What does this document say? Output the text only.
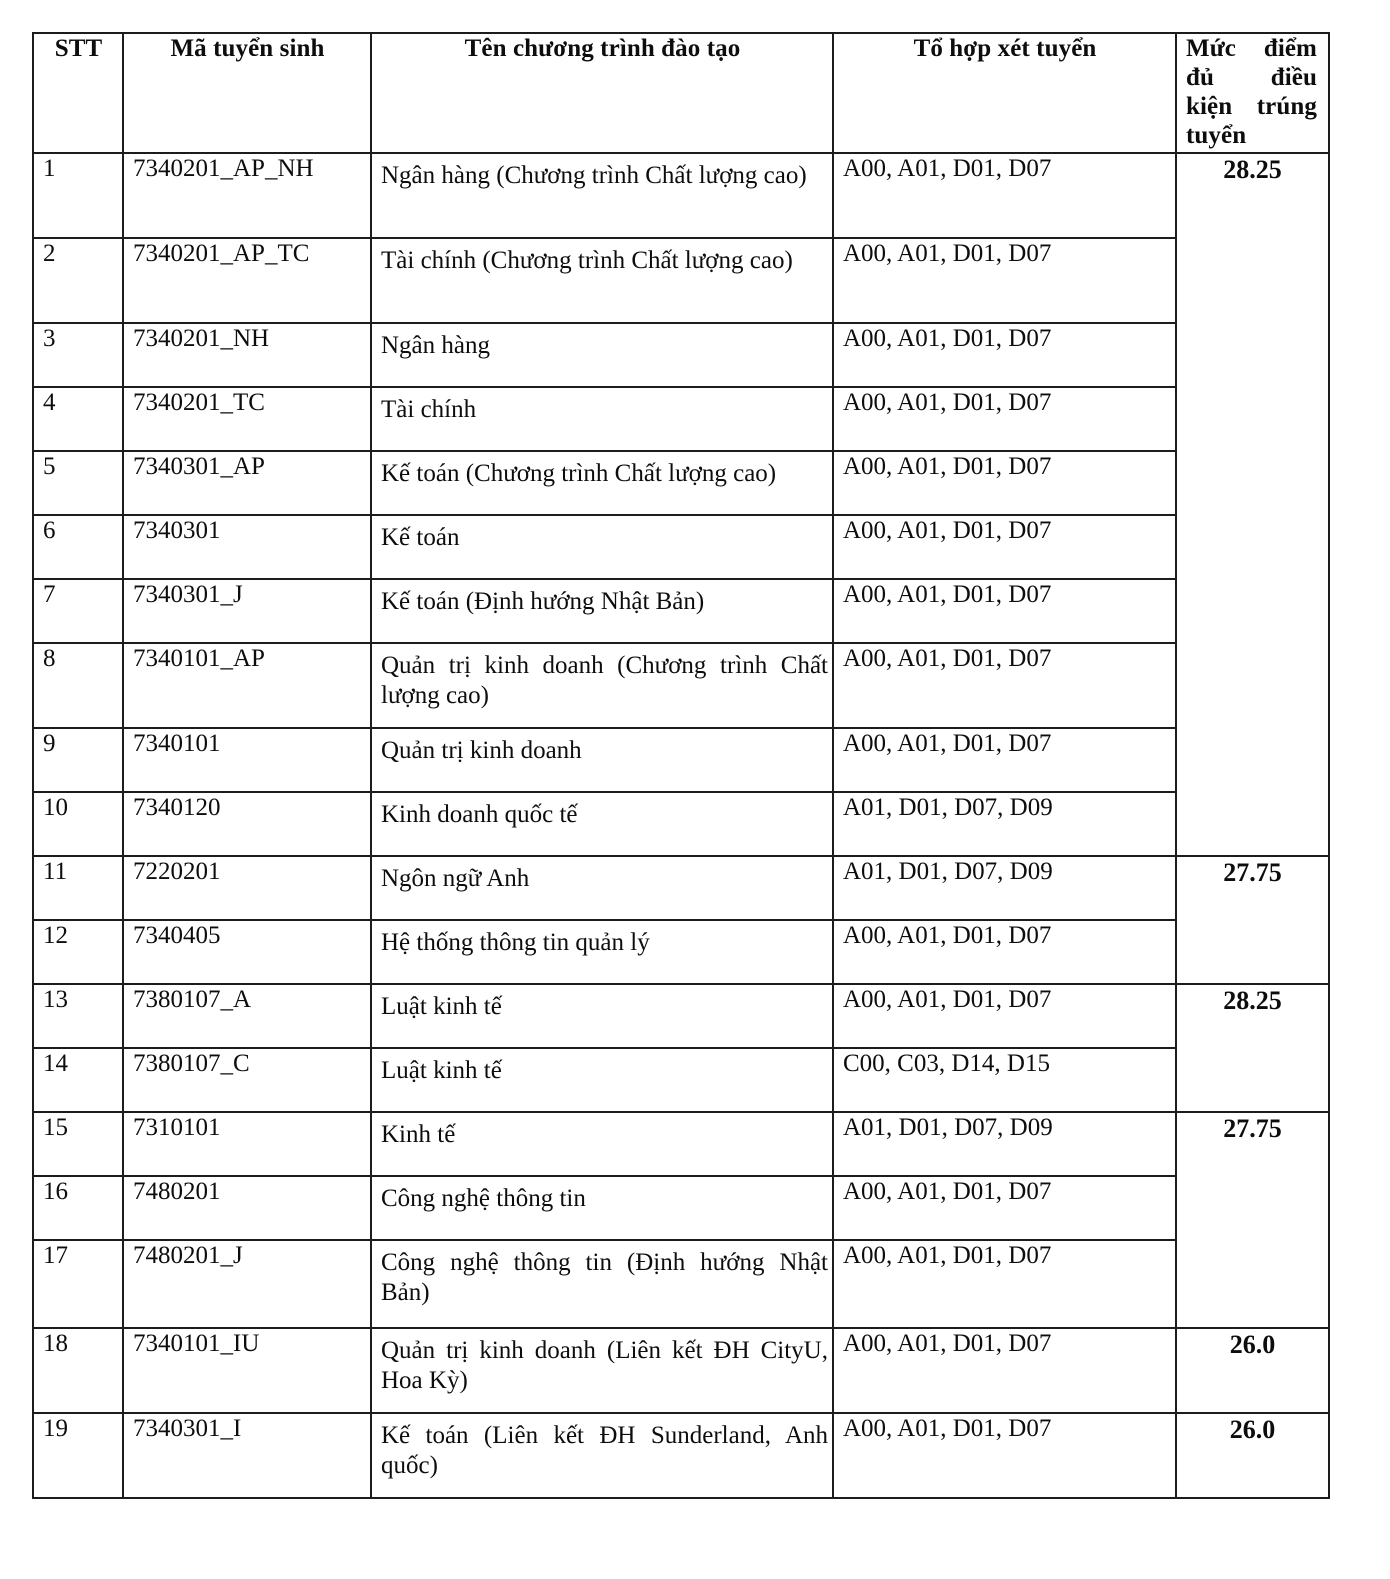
STT	Mã tuyển sinh	Tên chương trình đào tạo	Tổ hợp xét tuyển	Mức điểm đủ điều kiện trúng tuyển

1	7340201_AP_NH	Ngân hàng (Chương trình Chất lượng cao)	A00, A01, D01, D07	28.25

2	7340201_AP_TC	Tài chính (Chương trình Chất lượng cao)	A00, A01, D01, D07	

3	7340201_NH	Ngân hàng	A00, A01, D01, D07	

4	7340201_TC	Tài chính	A00, A01, D01, D07	

5	7340301_AP	Kế toán (Chương trình Chất lượng cao)	A00, A01, D01, D07	

6	7340301	Kế toán	A00, A01, D01, D07	

7	7340301_J	Kế toán (Định hướng Nhật Bản)	A00, A01, D01, D07	

8	7340101_AP	Quản trị kinh doanh (Chương trình Chất lượng cao)	A00, A01, D01, D07	

9	7340101	Quản trị kinh doanh	A00, A01, D01, D07	

10	7340120	Kinh doanh quốc tế	A01, D01, D07, D09	

11	7220201	Ngôn ngữ Anh	A01, D01, D07, D09	27.75

12	7340405	Hệ thống thông tin quản lý	A00, A01, D01, D07	

13	7380107_A	Luật kinh tế	A00, A01, D01, D07	28.25

14	7380107_C	Luật kinh tế	C00, C03, D14, D15	

15	7310101	Kinh tế	A01, D01, D07, D09	27.75

16	7480201	Công nghệ thông tin	A00, A01, D01, D07	

17	7480201_J	Công nghệ thông tin (Định hướng Nhật Bản)	A00, A01, D01, D07	

18	7340101_IU	Quản trị kinh doanh (Liên kết ĐH CityU, Hoa Kỳ)	A00, A01, D01, D07	26.0

19	7340301_I	Kế toán (Liên kết ĐH Sunderland, Anh quốc)	A00, A01, D01, D07	26.0
